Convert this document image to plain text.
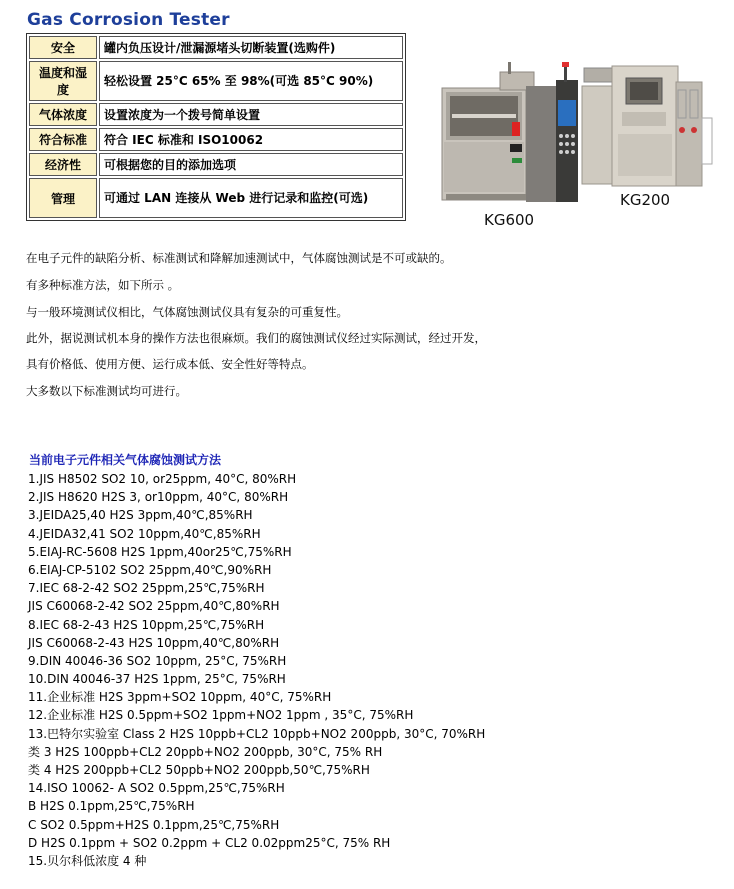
Gas Corrosion Tester
安全	罐内负压设计/泄漏源堵头切断装置(选购件)
温度和湿度	轻松设置 25°C 65% 至 98%(可选 85°C 90%)
气体浓度	设置浓度为一个拨号简单设置
符合标准	符合 IEC 标准和 ISO10062
经济性	可根据您的目的添加选项
管理	可通过 LAN 连接从 Web 进行记录和监控(可选)
KG600
KG200
在电子元件的缺陷分析、标准测试和降解加速测试中，气体腐蚀测试是不可或缺的。
有多种标准方法，如下所示 。
与一般环境测试仪相比，气体腐蚀测试仪具有复杂的可重复性。
此外，据说测试机本身的操作方法也很麻烦。我们的腐蚀测试仪经过实际测试，经过开发，
具有价格低、使用方便、运行成本低、安全性好等特点。
大多数以下标准测试均可进行。
当前电子元件相关气体腐蚀测试方法
1.JIS H8502 SO2 10, or25ppm, 40°C, 80%RH
2.JIS H8620 H2S 3, or10ppm, 40°C, 80%RH
3.JEIDA25,40 H2S 3ppm,40℃,85%RH
4.JEIDA32,41 SO2 10ppm,40℃,85%RH
5.EIAJ-RC-5608 H2S 1ppm,40or25℃,75%RH
6.EIAJ-CP-5102 SO2 25ppm,40℃,90%RH
7.IEC 68-2-42 SO2 25ppm,25℃,75%RH
JIS C60068-2-42 SO2 25ppm,40℃,80%RH
8.IEC 68-2-43 H2S 10ppm,25℃,75%RH
JIS C60068-2-43 H2S 10ppm,40℃,80%RH
9.DIN 40046-36 SO2 10ppm, 25°C, 75%RH
10.DIN 40046-37 H2S 1ppm, 25°C, 75%RH
11.企业标准 H2S 3ppm+SO2 10ppm, 40°C, 75%RH
12.企业标准 H2S 0.5ppm+SO2 1ppm+NO2 1ppm , 35°C, 75%RH
13.巴特尔实验室 Class 2 H2S 10ppb+CL2 10ppb+NO2 200ppb, 30°C, 70%RH
类 3 H2S 100ppb+CL2 20ppb+NO2 200ppb, 30°C, 75% RH
类 4 H2S 200ppb+CL2 50ppb+NO2 200ppb,50℃,75%RH
14.ISO 10062- A SO2 0.5ppm,25℃,75%RH
B H2S 0.1ppm,25℃,75%RH
C SO2 0.5ppm+H2S 0.1ppm,25℃,75%RH
D H2S 0.1ppm + SO2 0.2ppm + CL2 0.02ppm25°C, 75% RH
15.贝尔科低浓度 4 种
